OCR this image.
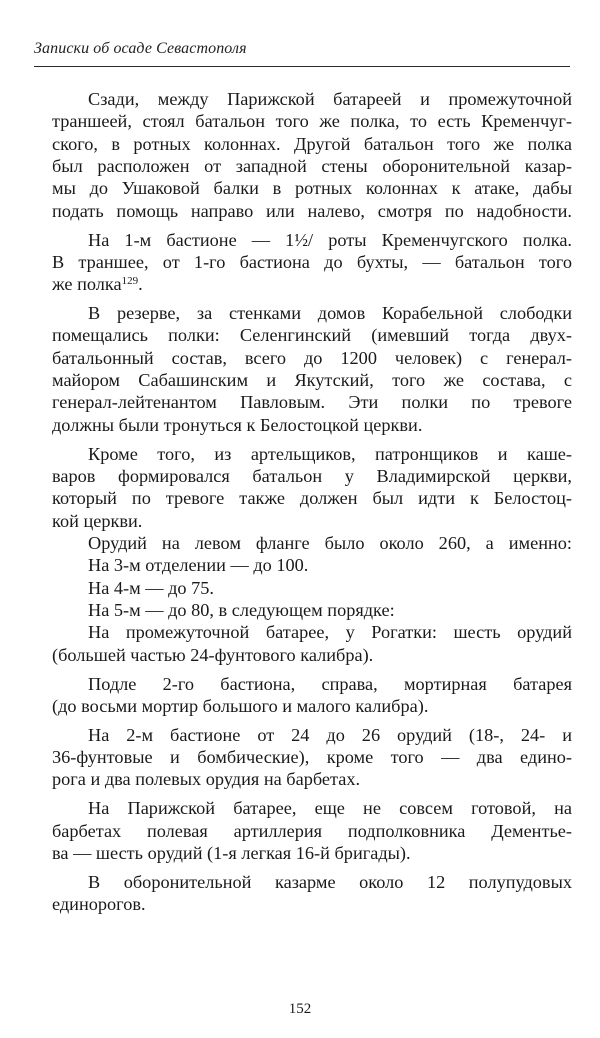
Записки об осаде Севастополя
Сзади, между Парижской батареей и промежуточной
траншеей, стоял батальон того же полка, то есть Кременчуг-
ского, в ротных колоннах. Другой батальон того же полка
был расположен от западной стены оборонительной казар-
мы до Ушаковой балки в ротных колоннах к атаке, дабы
подать помощь направо или налево, смотря по надобности.
На 1-м бастионе — 1½/ роты Кременчугского полка.
В траншее, от 1-го бастиона до бухты, — батальон того
же полка$^{129}$.
В резерве, за стенками домов Корабельной слободки
помещались полки: Селенгинский (имевший тогда двух-
батальонный состав, всего до 1200 человек) с генерал-
майором Сабашинским и Якутский, того же состава, с
генерал-лейтенантом Павловым. Эти полки по тревоге
должны были тронуться к Белостоцкой церкви.
Кроме того, из артельщиков, патронщиков и каше-
варов формировался батальон у Владимирской церкви,
который по тревоге также должен был идти к Белостоц-
кой церкви.
Орудий на левом фланге было около 260, а именно:
На 3-м отделении — до 100.
На 4-м — до 75.
На 5-м — до 80, в следующем порядке:
На промежуточной батарее, у Рогатки: шесть орудий
(большей частью 24-фунтового калибра).
Подле 2-го бастиона, справа, мортирная батарея
(до восьми мортир большого и малого калибра).
На 2-м бастионе от 24 до 26 орудий (18-, 24- и
36-фунтовые и бомбические), кроме того — два едино-
рога и два полевых орудия на барбетах.
На Парижской батарее, еще не совсем готовой, на
барбетах полевая артиллерия подполковника Дементье-
ва — шесть орудий (1-я легкая 16-й бригады).
В оборонительной казарме около 12 полупудовых
единорогов.
152
